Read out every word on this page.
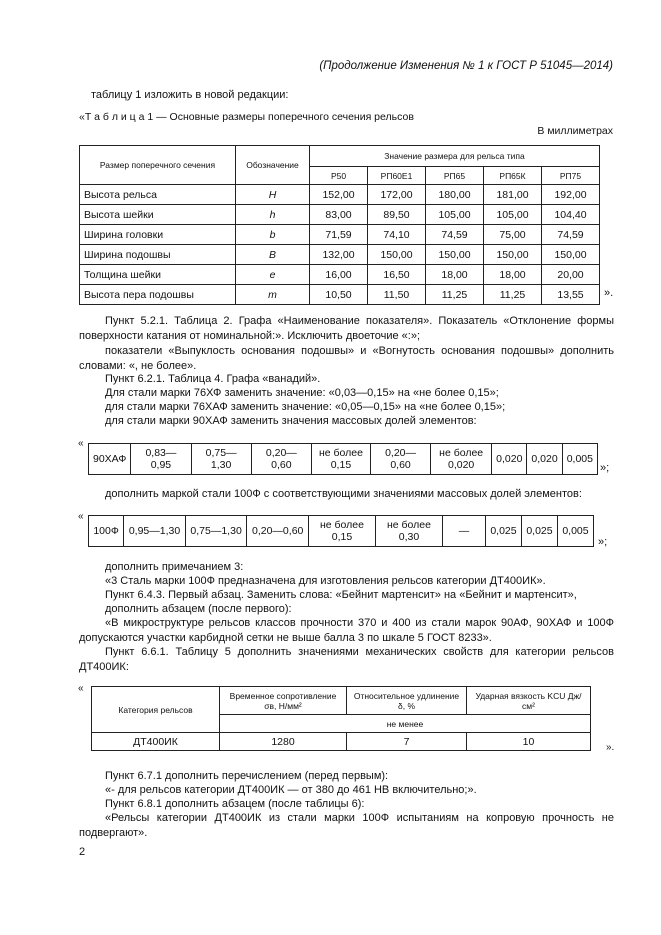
(Продолжение Изменения № 1 к ГОСТ Р 51045—2014)
таблицу 1 изложить в новой редакции:
«Т а б л и ц а 1 — Основные размеры поперечного сечения рельсов
В миллиметрах
Размер поперечного сечения	Обозначение	Значение размера для рельса типа				
		Р50	РП60Е1	РП65	РП65К	РП75
Высота рельса	H	152,00	172,00	180,00	181,00	192,00
Высота шейки	h	83,00	89,50	105,00	105,00	104,40
Ширина головки	b	71,59	74,10	74,59	75,00	74,59
Ширина подошвы	B	132,00	150,00	150,00	150,00	150,00
Толщина шейки	e	16,00	16,50	18,00	18,00	20,00
Высота пера подошвы	m	10,50	11,50	11,25	11,25	13,55 ».
Пункт 5.2.1. Таблица 2. Графа «Наименование показателя». Показатель «Отклонение формы поверхности катания от номинальной:». Исключить двоеточие «:»;
показатели «Выпуклость основания подошвы» и «Вогнутость основания подошвы» дополнить словами: «, не более».
Пункт 6.2.1. Таблица 4. Графа «ванадий».
Для стали марки 76ХФ заменить значение: «0,03—0,15» на «не более 0,15»;
для стали марки 76ХАФ заменить значение: «0,05—0,15» на «не более 0,15»;
для стали марки 90ХАФ заменить значения массовых долей элементов:
«
90ХАФ	0,83—0,95	0,75—1,30	0,20—0,60	не более 0,15	0,20—0,60	не более 0,020	0,020	0,020	0,005
»;
дополнить маркой стали 100Ф с соответствующими значениями массовых долей элементов:
«
100Ф	0,95—1,30	0,75—1,30	0,20—0,60	не более 0,15	не более 0,30	—	0,025	0,025	0,005
»;
дополнить примечанием 3:
«3 Сталь марки 100Ф предназначена для изготовления рельсов категории ДТ400ИК».
Пункт 6.4.3. Первый абзац. Заменить слова: «Бейнит мартенсит» на «Бейнит и мартенсит»,
дополнить абзацем (после первого):
«В микроструктуре рельсов классов прочности 370 и 400 из стали марок 90АФ, 90ХАФ и 100Ф допускаются участки карбидной сетки не выше балла 3 по шкале 5 ГОСТ 8233».
Пункт 6.6.1. Таблицу 5 дополнить значениями механических свойств для категории рельсов ДТ400ИК:
«
Категория рельсов	Временное сопротивление σв, Н/мм²	Относительное удлинение δ, %	Ударная вязкость KCU Дж/см²
	не менее		
ДТ400ИК	1280	7	10	».
Пункт 6.7.1 дополнить перечислением (перед первым):
«- для рельсов категории ДТ400ИК — от 380 до 461 НВ включительно;».
Пункт 6.8.1 дополнить абзацем (после таблицы 6):
«Рельсы категории ДТ400ИК из стали марки 100Ф испытаниям на копровую прочность не подвергают».
2
